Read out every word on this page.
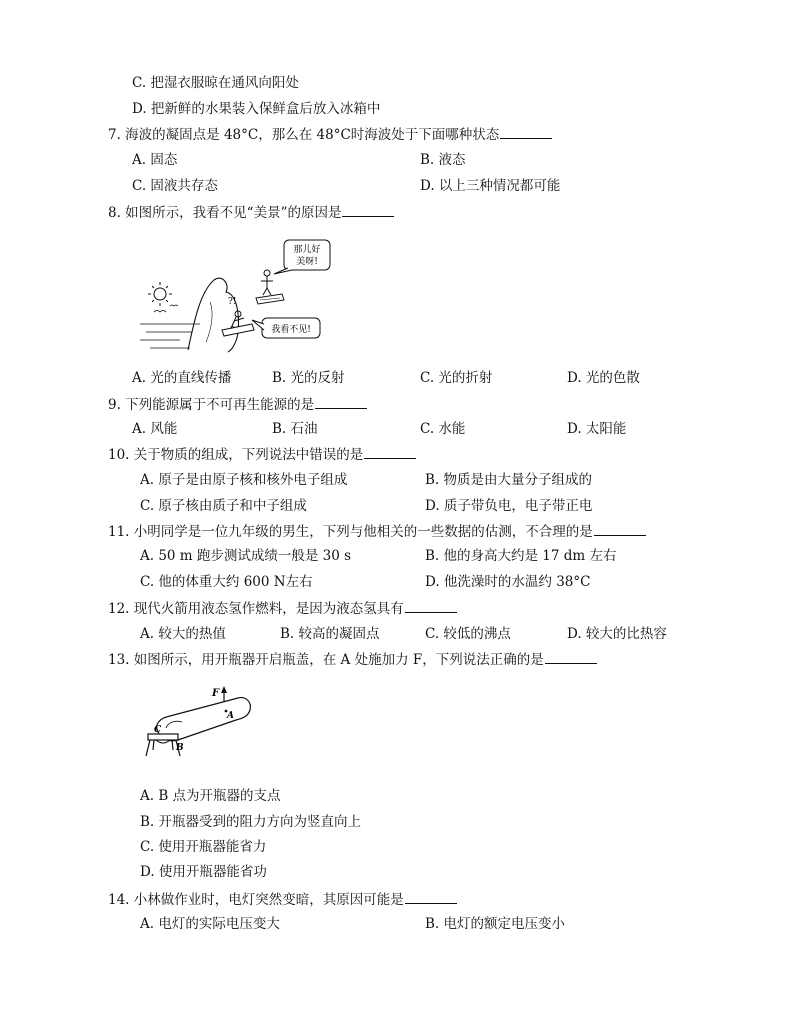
C. 把湿衣服晾在通风向阳处
D. 把新鲜的水果装入保鲜盒后放入冰箱中
7. 海波的凝固点是 48°C，那么在 48°C时海波处于下面哪种状态
A. 固态	B. 液态
C. 固液共存态	D. 以上三种情况都可能
8. 如图所示，我看不见“美景”的原因是
那儿好
美呀!
?!
我看不见!
A. 光的直线传播	B. 光的反射	C. 光的折射	D. 光的色散
9. 下列能源属于不可再生能源的是
A. 风能	B. 石油	C. 水能	D. 太阳能
10. 关于物质的组成，下列说法中错误的是
A. 原子是由原子核和核外电子组成	B. 物质是由大量分子组成的
C. 原子核由质子和中子组成	D. 质子带负电，电子带正电
11. 小明同学是一位九年级的男生，下列与他相关的一些数据的估测，不合理的是
A. 50 m 跑步测试成绩一般是 30 s	B. 他的身高大约是 17 dm 左右
C. 他的体重大约 600 N左右	D. 他洗澡时的水温约 38°C
12. 现代火箭用液态氢作燃料，是因为液态氢具有
A. 较大的热值	B. 较高的凝固点	C. 较低的沸点	D. 较大的比热容
13. 如图所示，用开瓶器开启瓶盖，在 A 处施加力 F，下列说法正确的是
F
A
C
B
A. B 点为开瓶器的支点
B. 开瓶器受到的阻力方向为竖直向上
C. 使用开瓶器能省力
D. 使用开瓶器能省功
14. 小林做作业时，电灯突然变暗，其原因可能是
A. 电灯的实际电压变大	B. 电灯的额定电压变小
